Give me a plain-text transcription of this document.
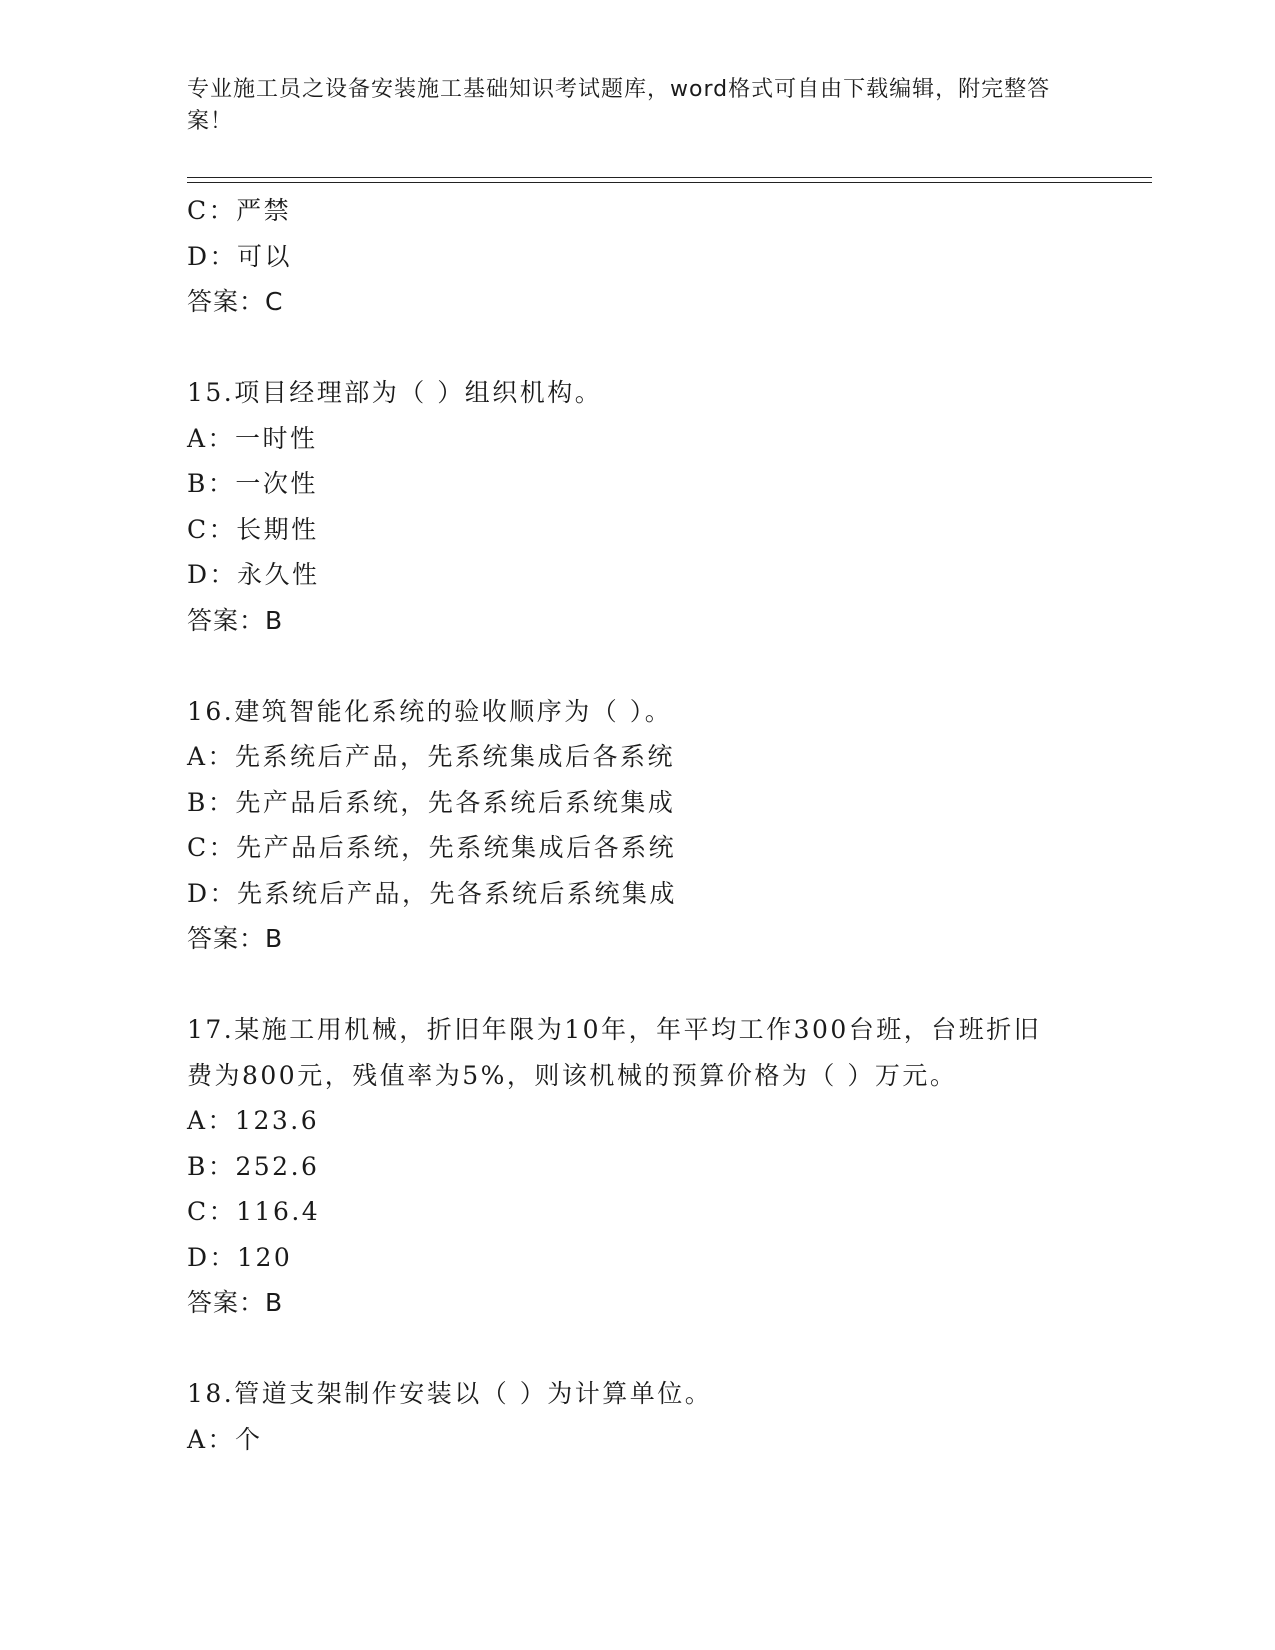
专业施工员之设备安装施工基础知识考试题库，word格式可自由下载编辑，附完整答案！
C：严禁
D：可以
答案：C
15.项目经理部为（ ）组织机构。
A：一时性
B：一次性
C：长期性
D：永久性
答案：B
16.建筑智能化系统的验收顺序为（ ）。
A：先系统后产品，先系统集成后各系统
B：先产品后系统，先各系统后系统集成
C：先产品后系统，先系统集成后各系统
D：先系统后产品，先各系统后系统集成
答案：B
17.某施工用机械，折旧年限为10年，年平均工作300台班，台班折旧费为800元，残值率为5%，则该机械的预算价格为（ ）万元。
A：123.6
B：252.6
C：116.4
D：120
答案：B
18.管道支架制作安装以（ ）为计算单位。
A：个
